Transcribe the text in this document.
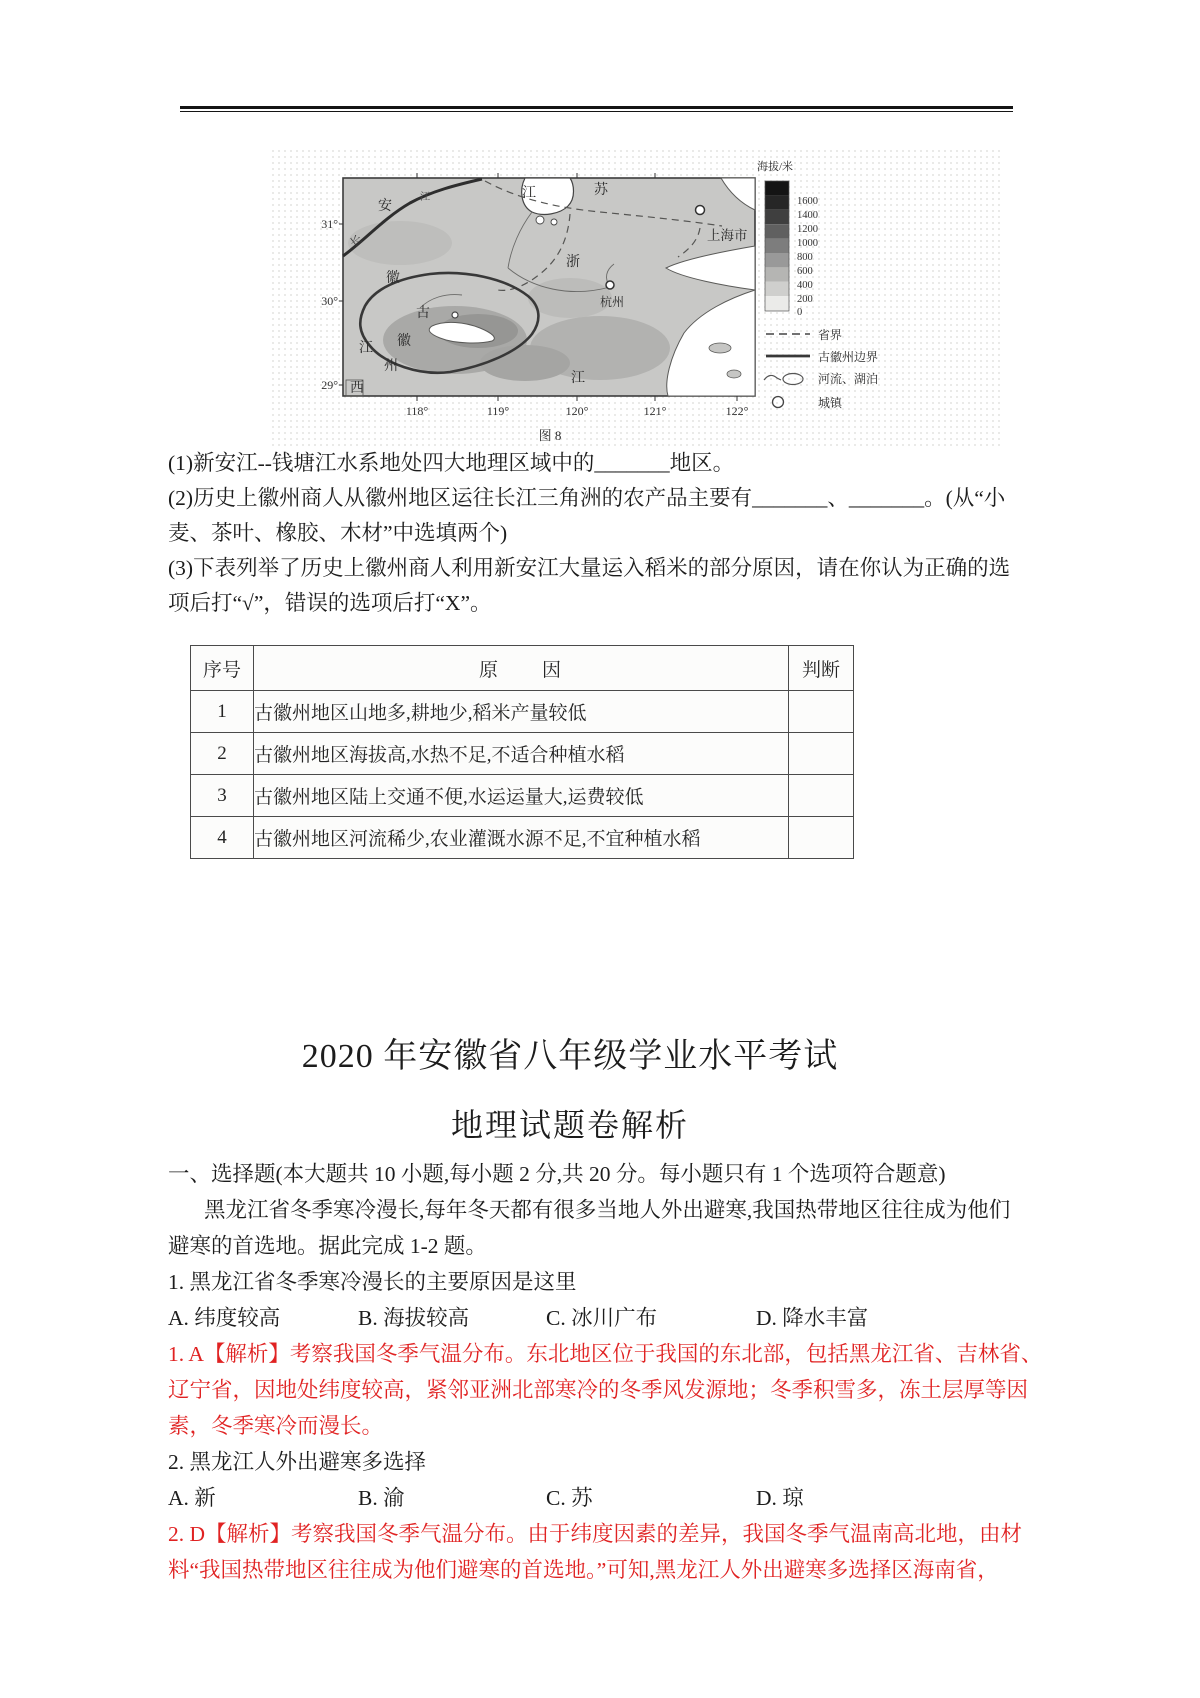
安
江	苏
浙
徽
古
徽
州
江
西
江
长
江
上海市
杭州
31°
30°
29°
118°	119°	120°	121°	122°
海拔/米
1600
1400
1200
1000
800
600
400
200
0
省界
古徽州边界
河流、湖泊
城镇
图 8
(1)新安江--钱塘江水系地处四大地理区域中的_______地区。
(2)历史上徽州商人从徽州地区运往长江三角洲的农产品主要有_______、_______。(从“小
麦、茶叶、橡胶、木材”中选填两个)
(3)下表列举了历史上徽州商人利用新安江大量运入稻米的部分原因，请在你认为正确的选
项后打“√”，错误的选项后打“X”。
序号	原　　因	判断
1	古徽州地区山地多,耕地少,稻米产量较低	
2	古徽州地区海拔高,水热不足,不适合种植水稻	
3	古徽州地区陆上交通不便,水运运量大,运费较低	
4	古徽州地区河流稀少,农业灌溉水源不足,不宜种植水稻	
2020 年安徽省八年级学业水平考试
地理试题卷解析
一、选择题(本大题共 10 小题,每小题 2 分,共 20 分。每小题只有 1 个选项符合题意)
黑龙江省冬季寒冷漫长,每年冬天都有很多当地人外出避寒,我国热带地区往往成为他们
避寒的首选地。据此完成 1-2 题。
1. 黑龙江省冬季寒冷漫长的主要原因是这里
A. 纬度较高	B. 海拔较高	C. 冰川广布	D. 降水丰富
1. A【解析】考察我国冬季气温分布。东北地区位于我国的东北部，包括黑龙江省、吉林省、
辽宁省，因地处纬度较高，紧邻亚洲北部寒冷的冬季风发源地；冬季积雪多，冻土层厚等因
素，冬季寒冷而漫长。
2. 黑龙江人外出避寒多选择
A. 新	B. 渝	C. 苏	D. 琼
2. D【解析】考察我国冬季气温分布。由于纬度因素的差异，我国冬季气温南高北地，由材
料“我国热带地区往往成为他们避寒的首选地。”可知,黑龙江人外出避寒多选择区海南省，
